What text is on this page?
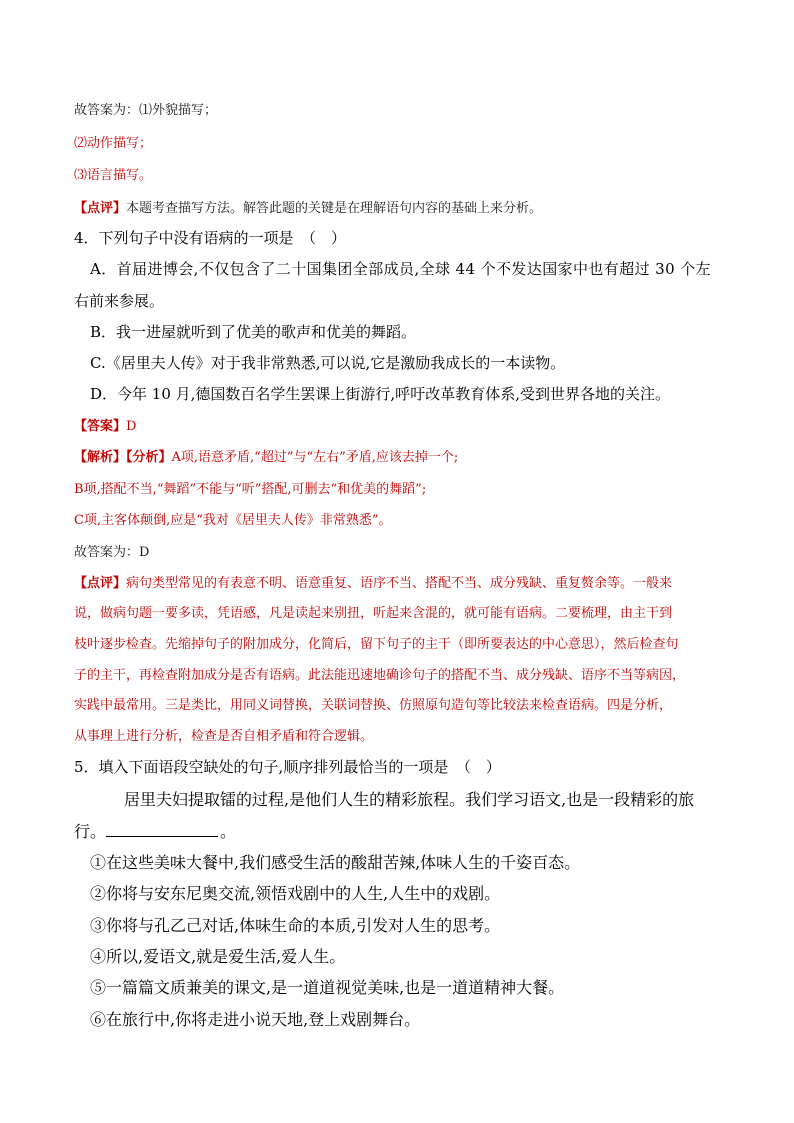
故答案为：⑴外貌描写；
⑵动作描写；
⑶语言描写。
【点评】本题考查描写方法。解答此题的关键是在理解语句内容的基础上来分析。
4．下列句子中没有语病的一项是　（　）
A．首届进博会,不仅包含了二十国集团全部成员,全球 44 个不发达国家中也有超过 30 个左
右前来参展。
B．我一进屋就听到了优美的歌声和优美的舞蹈。
C.《居里夫人传》对于我非常熟悉,可以说,它是激励我成长的一本读物。
D．今年 10 月,德国数百名学生罢课上街游行,呼吁改革教育体系,受到世界各地的关注。
【答案】D
【解析】【分析】A项,语意矛盾,“超过”与“左右”矛盾,应该去掉一个;
B项,搭配不当,“舞蹈”不能与“听”搭配,可删去“和优美的舞蹈”;
C项,主客体颠倒,应是“我对《居里夫人传》非常熟悉”。
故答案为：D
【点评】病句类型常见的有表意不明、语意重复、语序不当、搭配不当、成分残缺、重复赘余等。一般来
说，做病句题一要多读，凭语感，凡是读起来别扭，听起来含混的，就可能有语病。二要梳理，由主干到
枝叶逐步检查。先缩掉句子的附加成分，化简后，留下句子的主干（即所要表达的中心意思），然后检查句
子的主干，再检查附加成分是否有语病。此法能迅速地确诊句子的搭配不当、成分残缺、语序不当等病因，
实践中最常用。三是类比，用同义词替换，关联词替换、仿照原句造句等比较法来检查语病。四是分析，
从事理上进行分析，检查是否自相矛盾和符合逻辑。
5．填入下面语段空缺处的句子,顺序排列最恰当的一项是　（　）
居里夫妇提取镭的过程,是他们人生的精彩旅程。我们学习语文,也是一段精彩的旅
行。	。
①在这些美味大餐中,我们感受生活的酸甜苦辣,体味人生的千姿百态。
②你将与安东尼奥交流,领悟戏剧中的人生,人生中的戏剧。
③你将与孔乙己对话,体味生命的本质,引发对人生的思考。
④所以,爱语文,就是爱生活,爱人生。
⑤一篇篇文质兼美的课文,是一道道视觉美味,也是一道道精神大餐。
⑥在旅行中,你将走进小说天地,登上戏剧舞台。
